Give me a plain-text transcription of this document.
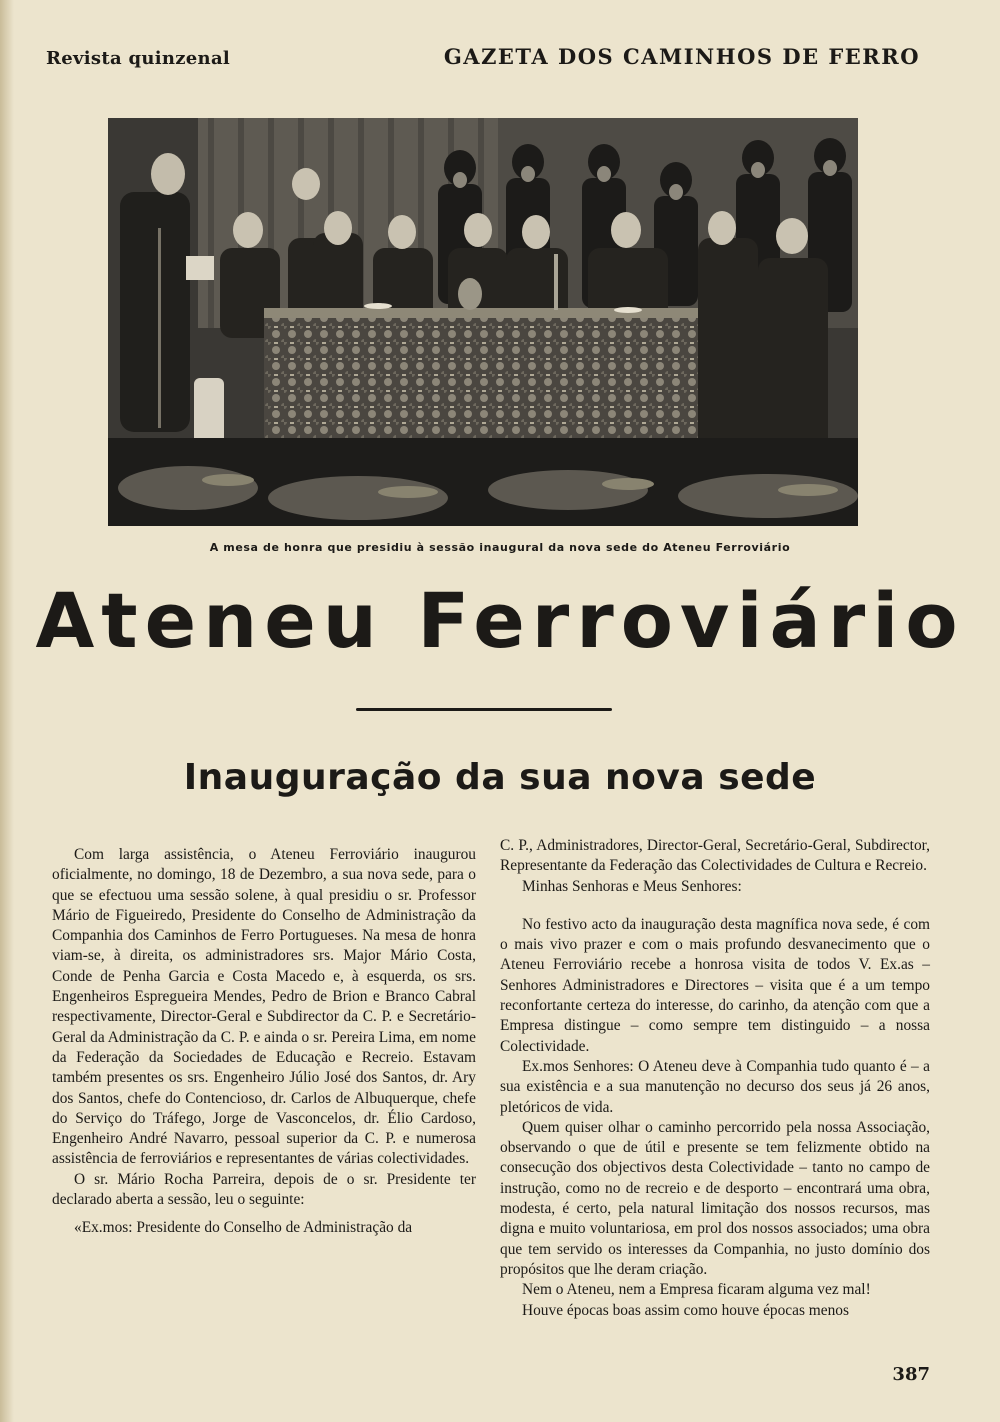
Revista quinzenal	GAZETA DOS CAMINHOS DE FERRO
A mesa de honra que presidiu à sessão inaugural da nova sede do Ateneu Ferroviário
Ateneu Ferroviário
Inauguração da sua nova sede

Com larga assistência, o Ateneu Ferroviário inaugurou oficialmente, no domingo, 18 de Dezembro, a sua nova sede, para o que se efectuou uma sessão solene, à qual presidiu o sr. Professor Mário de Figueiredo, Presidente do Conselho de Administração da Companhia dos Caminhos de Ferro Portugueses. Na mesa de honra viam-se, à direita, os administradores srs. Major Mário Costa, Conde de Penha Garcia e Costa Macedo e, à esquerda, os srs. Engenheiros Espregueira Mendes, Pedro de Brion e Branco Cabral respectivamente, Director-Geral e Subdirector da C. P. e Secretário-Geral da Administração da C. P. e ainda o sr. Pereira Lima, em nome da Federação da Sociedades de Educação e Recreio. Estavam também presentes os srs. Engenheiro Júlio José dos Santos, dr. Ary dos Santos, chefe do Contencioso, dr. Carlos de Albuquerque, chefe do Serviço do Tráfego, Jorge de Vasconcelos, dr. Élio Cardoso, Engenheiro André Navarro, pessoal superior da C. P. e numerosa assistência de ferroviários e representantes de várias colectividades.

O sr. Mário Rocha Parreira, depois de o sr. Presidente ter declarado aberta a sessão, leu o seguinte:

«Ex.mos: Presidente do Conselho de Administração da

C. P., Administradores, Director-Geral, Secretário-Geral, Subdirector, Representante da Federação das Colectividades de Cultura e Recreio.

Minhas Senhoras e Meus Senhores:

No festivo acto da inauguração desta magnífica nova sede, é com o mais vivo prazer e com o mais profundo desvanecimento que o Ateneu Ferroviário recebe a honrosa visita de todos V. Ex.as – Senhores Administradores e Directores – visita que é a um tempo reconfortante certeza do interesse, do carinho, da atenção com que a Empresa distingue – como sempre tem distinguido – a nossa Colectividade.

Ex.mos Senhores: O Ateneu deve à Companhia tudo quanto é – a sua existência e a sua manutenção no decurso dos seus já 26 anos, pletóricos de vida.

Quem quiser olhar o caminho percorrido pela nossa Associação, observando o que de útil e presente se tem felizmente obtido na consecução dos objectivos desta Colectividade – tanto no campo de instrução, como no de recreio e de desporto – encontrará uma obra, modesta, é certo, pela natural limitação dos nossos recursos, mas digna e muito voluntariosa, em prol dos nossos associados; uma obra que tem servido os interesses da Companhia, no justo domínio dos propósitos que lhe deram criação.

Nem o Ateneu, nem a Empresa ficaram alguma vez mal!

Houve épocas boas assim como houve épocas menos

387
